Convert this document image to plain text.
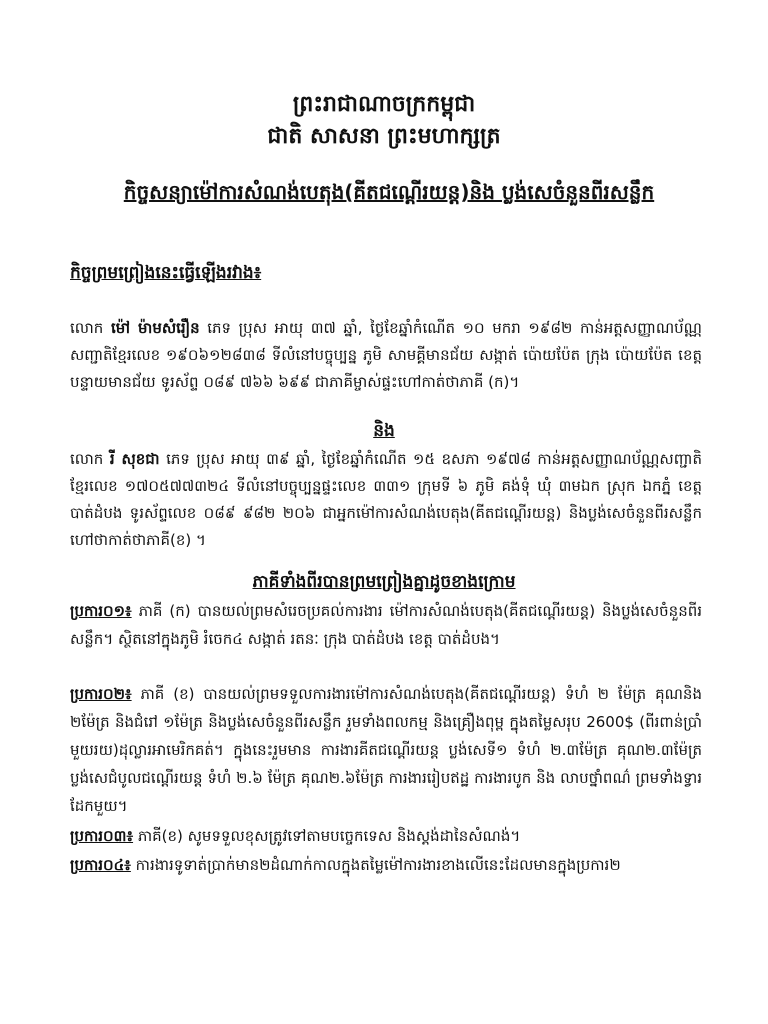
ព្រះរាជាណាចក្រកម្ពុជា
ជាតិ សាសនា ព្រះមហាក្សត្រ
កិច្ចសន្យាម៉ៅការសំណង់បេតុង(គីតជណ្តើរយន្ត)និង ប្លង់សេចំនួនពីរសន្លឹក
កិច្ចព្រមព្រៀងនេះធ្វើឡើងរវាង៖
លោក ម៉ៅ ម៉ាមសំរឿន ភេទ ប្រុស អាយុ ៣៧ ឆ្នាំ, ថ្ងៃខែឆ្នាំកំណើត ១០ មករា ១៩៨២ កាន់អត្តសញ្ញាណប័ណ្ណសញ្ជាតិខ្មែរលេខ ១៩០៦១២៨៣៨ ទីលំនៅបច្ចុប្បន្ន ភូមិ សាមគ្គីមានជ័យ សង្កាត់ ប៉ោយប៉ែត ក្រុង ប៉ោយប៉ែត ខេត្តបន្ទាយមានជ័យ ទូរស័ព្ទ ០៨៩ ៧៦៦ ៦៩៩ ជាភាគីម្ចាស់ផ្ទះហៅកាត់ថាភាគី (ក)។
និង
លោក រី សុខជា ភេទ ប្រុស អាយុ ៣៩ ឆ្នាំ, ថ្ងៃខែឆ្នាំកំណើត ១៥ ឧសភា ១៩៧៨ កាន់អត្តសញ្ញាណប័ណ្ណសញ្ជាតិខ្មែរលេខ ១៧០៥៧៧៣២៤ ទីលំនៅបច្ចុប្បន្នផ្ទះលេខ ៣៣១ ក្រុមទី ៦ ភូមិ គង់ទុំ ឃុំ ៣មឯក ស្រុក ឯកភ្នំ ខេត្ត បាត់ដំបង ទូរស័ព្ទលេខ ០៨៩ ៩៨២ ២០៦ ជាអ្នកម៉ៅការសំណង់បេតុង(គីតជណ្តើរយន្ត) និងប្លង់សេចំនួនពីរសន្លឹក ហៅថាកាត់ថាភាគី(ខ) ។
ភាគីទាំងពីរបានព្រមព្រៀងគ្នាដូចខាងក្រោម
ប្រការ០១៖ ភាគី (ក) បានយល់ព្រមសំរេចប្រគល់ការងារ ម៉ៅការសំណង់បេតុង(គីតជណ្តើរយន្ត) និងប្លង់សេចំនួនពីរសន្លឹក។ ស្ថិតនៅក្នុងភូមិ រំចេក៤ សង្កាត់ រតនៈ ក្រុង បាត់ដំបង ខេត្ត បាត់ដំបង។
ប្រការ០២៖ ភាគី (ខ) បានយល់ព្រមទទួលការងារម៉ៅការសំណង់បេតុង(គីតជណ្តើរយន្ត) ទំហំ ២ ម៉ែត្រ គុណនិង ២ម៉ែត្រ និងជំរៅ ១ម៉ែត្រ និងប្លង់សេចំនួនពីរសន្លឹក រួមទាំងពលកម្ម និងគ្រឿងពុម្ព ក្នុងតម្លៃសរុប 2600$ (ពីរពាន់ប្រាំមួយរយ)ដុល្លារអាមេរិកគត់។ ក្នុងនេះរួមមាន ការងារគីតជណ្តើរយន្ត ប្លង់សេទី១ ទំហំ ២.៣ម៉ែត្រ គុណ២.៣ម៉ែត្រ ប្លង់សេជំបូលជណ្តើរយន្ត ទំហំ ២.៦ ម៉ែត្រ គុណ២.៦ម៉ែត្រ ការងាររៀបឥដ្ឋ ការងារបូក និង លាបថ្នាំពណ៌ ព្រមទាំងទ្វារដែកមួយ។
ប្រការ០៣៖ ភាគី(ខ) សូមទទួលខុសត្រូវទៅតាមបច្ចេកទេស និងស្តង់ដានៃសំណង់។
ប្រការ០៤៖ ការងារទូទាត់ប្រាក់មាន២ដំណាក់កាលក្នុងតម្លៃម៉ៅការងារខាងលើនេះដែលមានក្នុងប្រការ២
